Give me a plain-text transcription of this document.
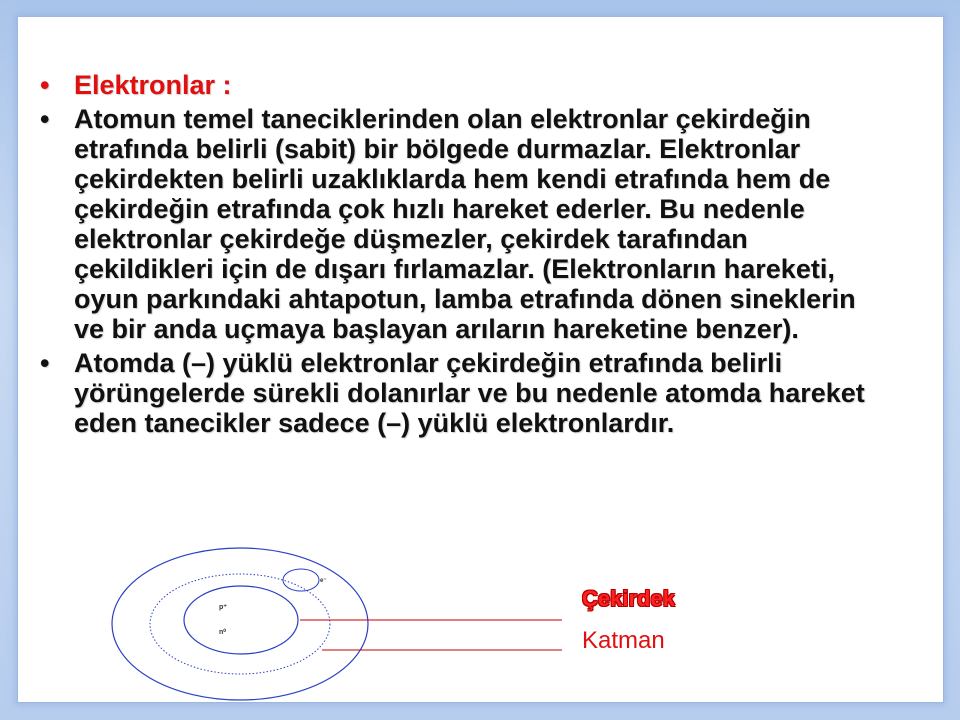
• Elektronlar :
• Atomun temel taneciklerinden olan elektronlar çekirdeğin etrafında belirli (sabit) bir bölgede durmazlar. Elektronlar çekirdekten belirli uzaklıklarda hem kendi etrafında hem de çekirdeğin etrafında çok hızlı hareket ederler. Bu nedenle elektronlar çekirdeğe düşmezler, çekirdek tarafından çekildikleri için de dışarı fırlamazlar. (Elektronların hareketi, oyun parkındaki ahtapotun, lamba etrafında dönen sineklerin ve bir anda uçmaya başlayan arıların hareketine benzer).
• Atomda (–) yüklü elektronlar çekirdeğin etrafında belirli yörüngelerde sürekli dolanırlar ve bu nedenle atomda hareket eden tanecikler sadece (–) yüklü elektronlardır.
p⁺
n⁰
e⁻
Çekirdek
Katman
